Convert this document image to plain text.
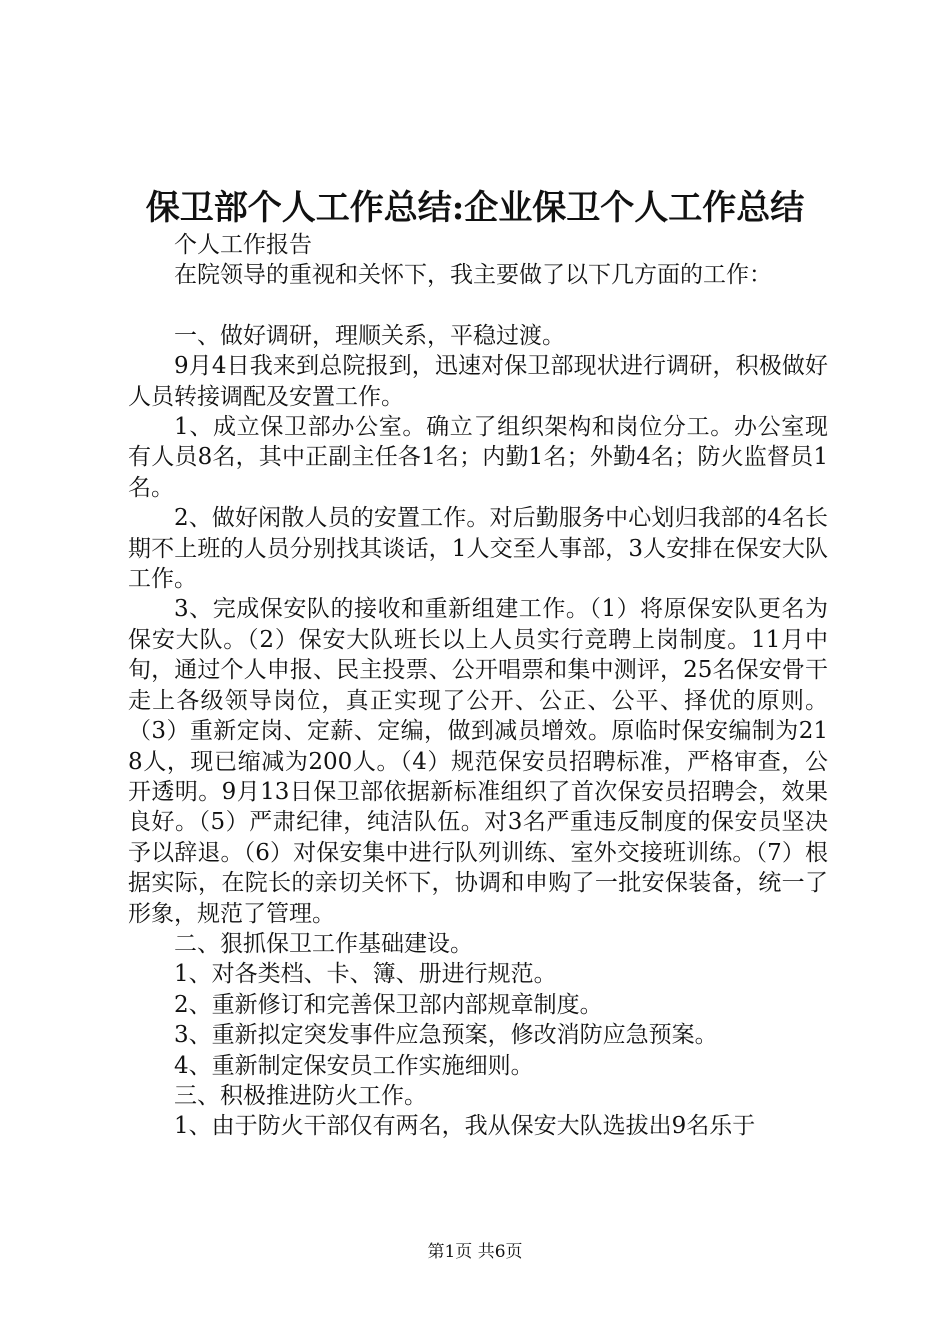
保卫部个人工作总结:企业保卫个人工作总结

个人工作报告

在院领导的重视和关怀下，我主要做了以下几方面的工作：

一、做好调研，理顺关系，平稳过渡。

9月4日我来到总院报到，迅速对保卫部现状进行调研，积极做好人员转接调配及安置工作。

1、成立保卫部办公室。确立了组织架构和岗位分工。办公室现有人员8名，其中正副主任各1名；内勤1名；外勤4名；防火监督员1名。

2、做好闲散人员的安置工作。对后勤服务中心划归我部的4名长期不上班的人员分别找其谈话，1人交至人事部，3人安排在保安大队工作。

3、完成保安队的接收和重新组建工作。（1）将原保安队更名为保安大队。（2）保安大队班长以上人员实行竞聘上岗制度。11月中旬，通过个人申报、民主投票、公开唱票和集中测评，25名保安骨干走上各级领导岗位，真正实现了公开、公正、公平、择优的原则。（3）重新定岗、定薪、定编，做到减员增效。原临时保安编制为218人，现已缩减为200人。（4）规范保安员招聘标准，严格审查，公开透明。9月13日保卫部依据新标准组织了首次保安员招聘会，效果良好。（5）严肃纪律，纯洁队伍。对3名严重违反制度的保安员坚决予以辞退。（6）对保安集中进行队列训练、室外交接班训练。（7）根据实际，在院长的亲切关怀下，协调和申购了一批安保装备，统一了形象，规范了管理。

二、狠抓保卫工作基础建设。

1、对各类档、卡、簿、册进行规范。

2、重新修订和完善保卫部内部规章制度。

3、重新拟定突发事件应急预案，修改消防应急预案。

4、重新制定保安员工作实施细则。

三、积极推进防火工作。

1、由于防火干部仅有两名，我从保安大队选拔出9名乐于

第1页 共6页
